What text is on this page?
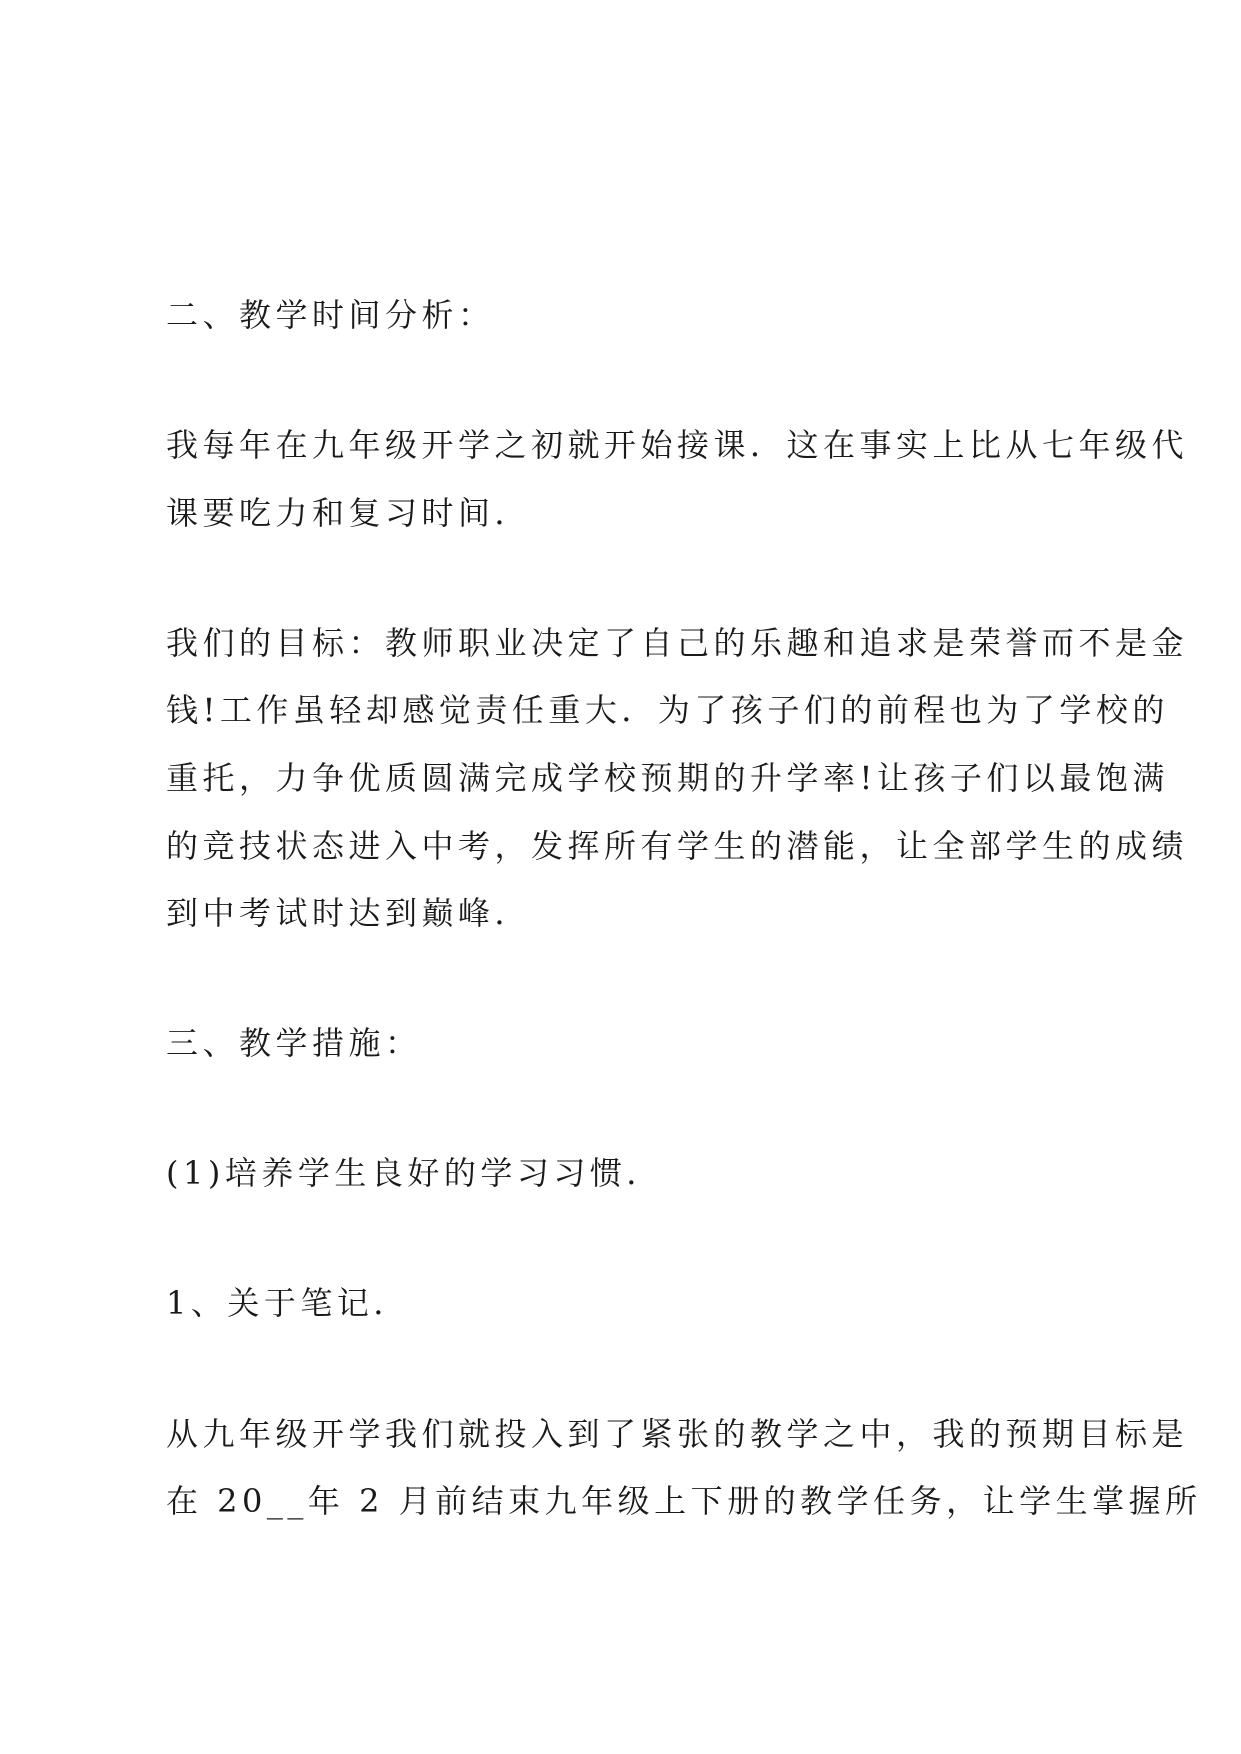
二、教学时间分析：
我每年在九年级开学之初就开始接课．这在事实上比从七年级代
课要吃力和复习时间．
我们的目标：教师职业决定了自己的乐趣和追求是荣誉而不是金
钱!工作虽轻却感觉责任重大．为了孩子们的前程也为了学校的
重托，力争优质圆满完成学校预期的升学率!让孩子们以最饱满
的竞技状态进入中考，发挥所有学生的潜能，让全部学生的成绩
到中考试时达到巅峰．
三、教学措施：
(1)培养学生良好的学习习惯．
1、关于笔记．
从九年级开学我们就投入到了紧张的教学之中，我的预期目标是
在 20__年 2 月前结束九年级上下册的教学任务，让学生掌握所
